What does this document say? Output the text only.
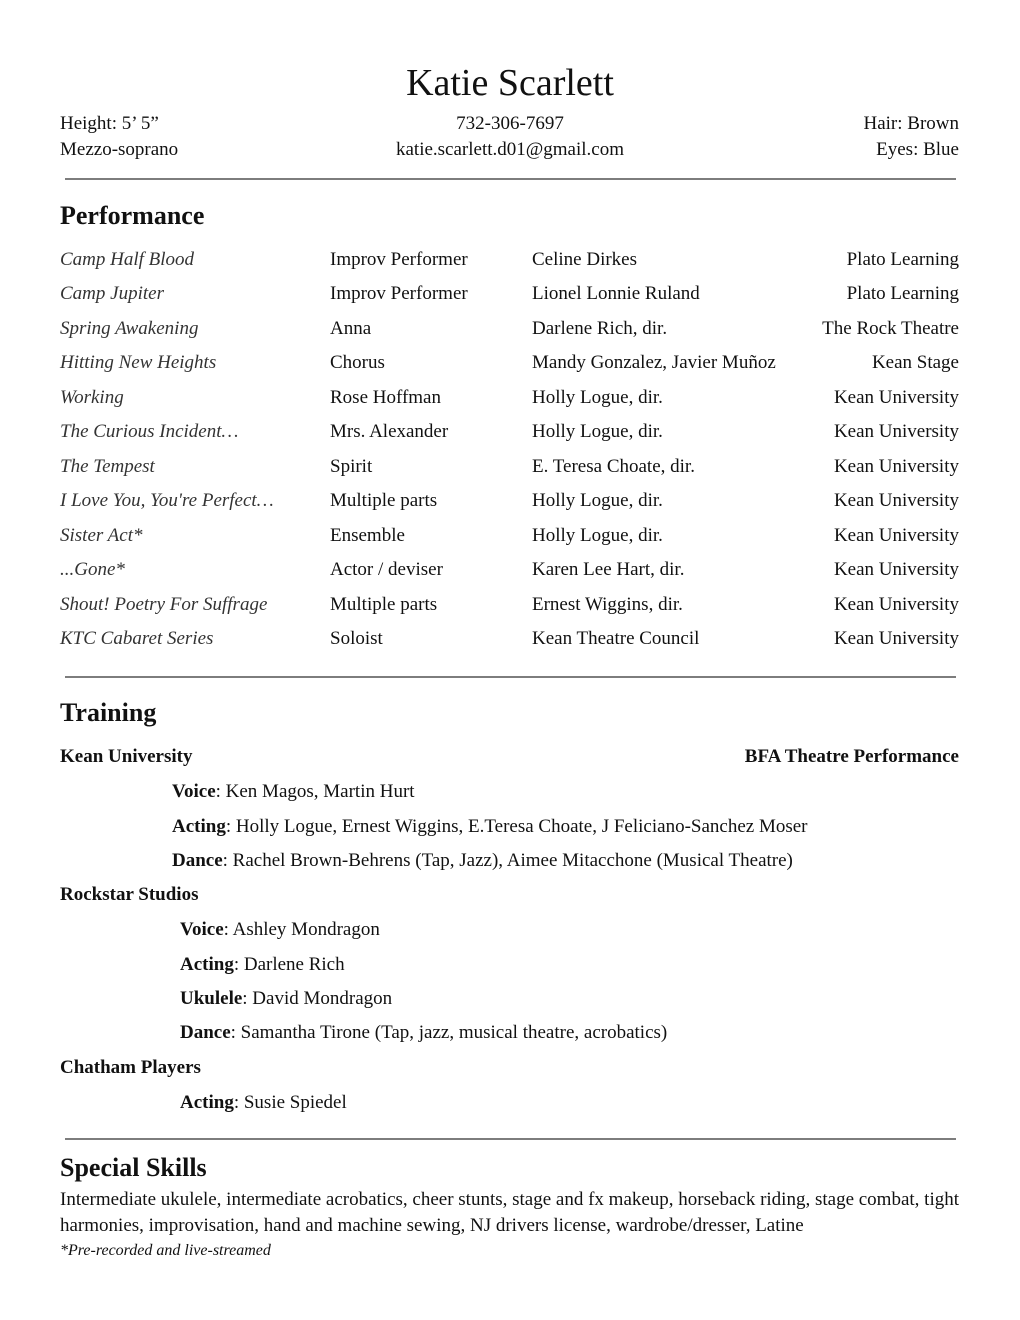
Katie Scarlett
Height: 5’ 5”
Mezzo-soprano
732-306-7697
katie.scarlett.d01@gmail.com
Hair: Brown
Eyes: Blue
Performance
Camp Half Blood	Improv Performer	Celine Dirkes	Plato Learning
Camp Jupiter	Improv Performer	Lionel Lonnie Ruland	Plato Learning
Spring Awakening	Anna	Darlene Rich, dir.	The Rock Theatre
Hitting New Heights	Chorus	Mandy Gonzalez, Javier Muñoz	Kean Stage
Working	Rose Hoffman	Holly Logue, dir.	Kean University
The Curious Incident…	Mrs. Alexander	Holly Logue, dir.	Kean University
The Tempest	Spirit	E. Teresa Choate, dir.	Kean University
I Love You, You're Perfect…	Multiple parts	Holly Logue, dir.	Kean University
Sister Act*	Ensemble	Holly Logue, dir.	Kean University
...Gone*	Actor / deviser	Karen Lee Hart, dir.	Kean University
Shout! Poetry For Suffrage	Multiple parts	Ernest Wiggins, dir.	Kean University
KTC Cabaret Series	Soloist	Kean Theatre Council	Kean University
Training
Kean University	BFA Theatre Performance
Voice: Ken Magos, Martin Hurt
Acting: Holly Logue, Ernest Wiggins, E.Teresa Choate, J Feliciano-Sanchez Moser
Dance: Rachel Brown-Behrens (Tap, Jazz), Aimee Mitacchone (Musical Theatre)
Rockstar Studios
Voice: Ashley Mondragon
Acting: Darlene Rich
Ukulele: David Mondragon
Dance: Samantha Tirone (Tap, jazz, musical theatre, acrobatics)
Chatham Players
Acting: Susie Spiedel
Special Skills
Intermediate ukulele, intermediate acrobatics, cheer stunts, stage and fx makeup, horseback riding, stage combat, tight harmonies, improvisation, hand and machine sewing, NJ drivers license, wardrobe/dresser, Latine
*Pre-recorded and live-streamed
